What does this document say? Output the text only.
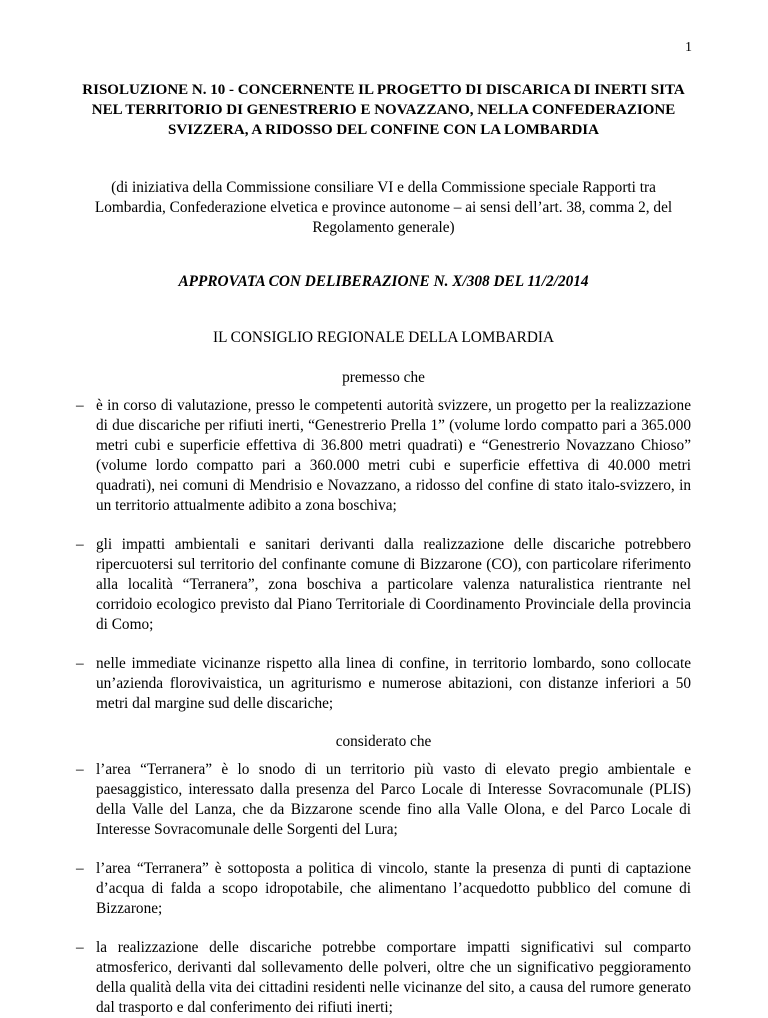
1

RISOLUZIONE N. 10 - CONCERNENTE IL PROGETTO DI DISCARICA DI INERTI SITA NEL TERRITORIO DI GENESTRERIO E NOVAZZANO, NELLA CONFEDERAZIONE SVIZZERA, A RIDOSSO DEL CONFINE CON LA LOMBARDIA

(di iniziativa della Commissione consiliare VI e della Commissione speciale Rapporti tra Lombardia, Confederazione elvetica e province autonome – ai sensi dell’art. 38, comma 2, del Regolamento generale)

APPROVATA CON DELIBERAZIONE N. X/308 DEL 11/2/2014

IL CONSIGLIO REGIONALE DELLA LOMBARDIA

premesso che

– è in corso di valutazione, presso le competenti autorità svizzere, un progetto per la realizzazione di due discariche per rifiuti inerti, “Genestrerio Prella 1” (volume lordo compatto pari a 365.000 metri cubi e superficie effettiva di 36.800 metri quadrati) e “Genestrerio Novazzano Chioso” (volume lordo compatto pari a 360.000 metri cubi e superficie effettiva di 40.000 metri quadrati), nei comuni di Mendrisio e Novazzano, a ridosso del confine di stato italo-svizzero, in un territorio attualmente adibito a zona boschiva;
– gli impatti ambientali e sanitari derivanti dalla realizzazione delle discariche potrebbero ripercuotersi sul territorio del confinante comune di Bizzarone (CO), con particolare riferimento alla località “Terranera”, zona boschiva a particolare valenza naturalistica rientrante nel corridoio ecologico previsto dal Piano Territoriale di Coordinamento Provinciale della provincia di Como;
– nelle immediate vicinanze rispetto alla linea di confine, in territorio lombardo, sono collocate un’azienda florovivaistica, un agriturismo e numerose abitazioni, con distanze inferiori a 50 metri dal margine sud delle discariche;

considerato che

– l’area “Terranera” è lo snodo di un territorio più vasto di elevato pregio ambientale e paesaggistico, interessato dalla presenza del Parco Locale di Interesse Sovracomunale (PLIS) della Valle del Lanza, che da Bizzarone scende fino alla Valle Olona, e del Parco Locale di Interesse Sovracomunale delle Sorgenti del Lura;
– l’area “Terranera” è sottoposta a politica di vincolo, stante la presenza di punti di captazione d’acqua di falda a scopo idropotabile, che alimentano l’acquedotto pubblico del comune di Bizzarone;
– la realizzazione delle discariche potrebbe comportare impatti significativi sul comparto atmosferico, derivanti dal sollevamento delle polveri, oltre che un significativo peggioramento della qualità della vita dei cittadini residenti nelle vicinanze del sito, a causa del rumore generato dal trasporto e dal conferimento dei rifiuti inerti;
